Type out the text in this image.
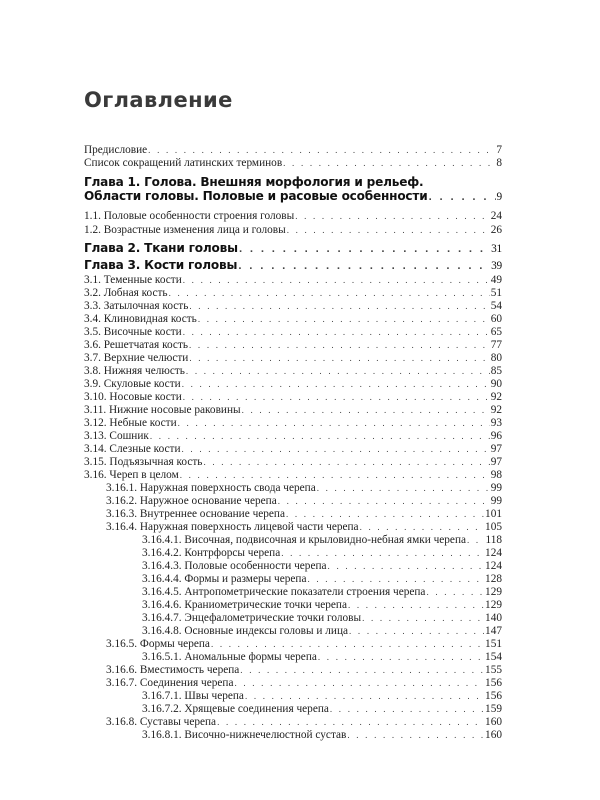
Оглавление
Предисловие . . .	7
Список сокращений латинских терминов . . .	8
Глава 1. Голова. Внешняя морфология и рельеф.
Области головы. Половые и расовые особенности . . .	9
1.1. Половые особенности строения головы . . .	24
1.2. Возрастные изменения лица и головы . . .	26
Глава 2. Ткани головы . . .	31
Глава 3. Кости головы . . .	39
3.1. Теменные кости . . .	49
3.2. Лобная кость . . .	51
3.3. Затылочная кость . . .	54
3.4. Клиновидная кость . . .	60
3.5. Височные кости . . .	65
3.6. Решетчатая кость . . .	77
3.7. Верхние челюсти . . .	80
3.8. Нижняя челюсть . . .	85
3.9. Скуловые кости . . .	90
3.10. Носовые кости . . .	92
3.11. Нижние носовые раковины . . .	92
3.12. Небные кости . . .	93
3.13. Сошник . . .	96
3.14. Слезные кости . . .	97
3.15. Подъязычная кость . . .	97
3.16. Череп в целом . . .	98
3.16.1. Наружная поверхность свода черепа . . .	99
3.16.2. Наружное основание черепа . . .	99
3.16.3. Внутреннее основание черепа . . .	101
3.16.4. Наружная поверхность лицевой части черепа . . .	105
3.16.4.1. Височная, подвисочная и крыловидно-небная ямки черепа . . . 118
3.16.4.2. Контрфорсы черепа . . .	124
3.16.4.3. Половые особенности черепа . . .	124
3.16.4.4. Формы и размеры черепа . . .	128
3.16.4.5. Антропометрические показатели строения черепа . . .	129
3.16.4.6. Краниометрические точки черепа . . .	129
3.16.4.7. Энцефалометрические точки головы . . .	140
3.16.4.8. Основные индексы головы и лица . . .	147
3.16.5. Формы черепа . . .	151
3.16.5.1. Аномальные формы черепа . . .	154
3.16.6. Вместимость черепа . . .	155
3.16.7. Соединения черепа . . .	156
3.16.7.1. Швы черепа . . .	156
3.16.7.2. Хрящевые соединения черепа . . .	159
3.16.8. Суставы черепа . . .	160
3.16.8.1. Височно-нижнечелюстной сустав . . .	160
